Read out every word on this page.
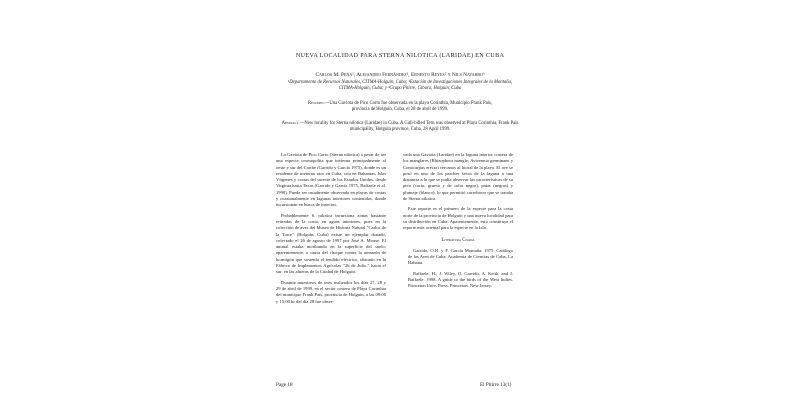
NUEVA LOCALIDAD PARA STERNA NILOTICA (LARIDAE) EN CUBA
Carlos M. Peña¹, Alejandro Fernández¹, Ernesto Reyes² y Nils Navarro³
¹Departamento de Recursos Naturales, CITMA-Holguín, Cuba; ²Estación de Investigaciones Integrales de la Montaña,
CITMA-Holguín, Cuba; y ³Grupo Pitirre, Gibara, Holguín, Cuba
Resumen.—Una Gaviota de Pico Corto fue observada en la playa Corinthia, Municipio Frank País, provincia de Holguín, Cuba, el 28 de abril de 1999.
Abstract.—New locality for Sterna nilotica (Laridae) in Cuba. A Gull-billed Tern was observed at Playa Corinthia, Frank País municipality, Holguín province, Cuba, 28 April 1999.

La Gaviota de Pico Corto (Sterna nilotica) a pesar de ser una especie cosmopolita que invierna principalmente al oeste y sur del Caribe (Garrido y García 1975), donde es un residente de invierno raro en Cuba, cría en Bahamas, Islas Vírgenes y costas del sureste de los Estados Unidos, desde Virginia hasta Texas (Garrido y García 1975, Raffaele et al. 1998). Puede ser usualmente observada en playas de costas y ocasionalmente en lagunas interiores contenidas, donde incursionan en busca de insectos.

Probablemente S. nilotica incursiona zonas bastante retiradas de la costa, en aguas interiores, pues en la colección de aves del Museo de Historia Natural "Carlos de la Torre" (Holguín, Cuba) existe un ejemplar donado, colectado el 26 de agosto de 1997 por José A. Mouse. El animal estaba moribundo en la superficie del suelo, aparentemente, a causa del choque contra la armazón de hormigón que sostenía el tendido eléctrico, ubicado en la Fábrica de Implementos Agrícolas "26 de Julio," hacia el sur, en las afueras de la Ciudad de Holguín.

Durante muestreos de aves realizados los días 27, 28 y 29 de abril de 1999, en el sector costero de Playa Corinthia del municipio Frank País, provincia de Holguín, a las 09:00 y 15:00 hr del día 28 fue obser-

vada una Gaviota (Laridae) en la laguna interior costera de los manglares (Rhizophora mangle, Avicennia germinans y Conocarpus erecta) cercanos al litoral de la playa. El ave se posó en uno de los parches secos de la laguna a una distancia a la que se podía observar las características de su pico (corto, grueso y de color negro), patas (negras) y plumaje (blanco); lo que permitió corroborar que se trataba de Sterna nilotica.

Este reporte es el primero de la especie para la costa norte de la provincia de Holguín y una nueva localidad para su distribución en Cuba. Aparentemente, esto constituye el reporte más oriental para la especie en la Isla.

Literatura Citada

Garrido, O.H. y F. García Montaña. 1975. Catálogo de las Aves de Cuba. Academia de Ciencias de Cuba, La Habana.

Raffaele, H., J. Wiley, O. Garrido, A. Keith, and J. Raffaele. 1998. A guide to the birds of the West Indies. Princeton Univ. Press, Princeton, New Jersey.

Page 18	El Pitirre 13(1)
